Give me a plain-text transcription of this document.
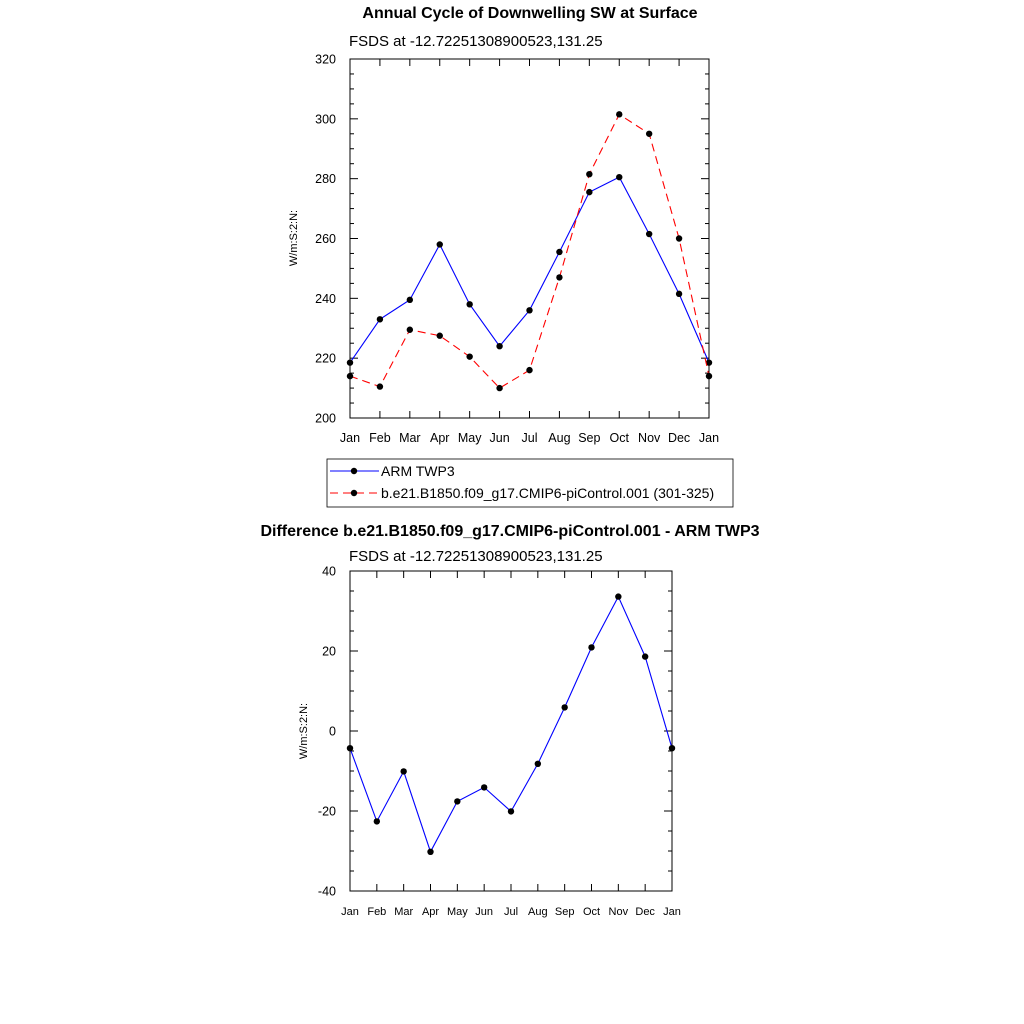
Annual Cycle of Downwelling SW at Surface
FSDS at -12.72251308900523,131.25
W/m:S:2:N:
200
220
240
260
280
300
320
Jan Feb Mar Apr May Jun Jul Aug Sep Oct Nov Dec Jan
ARM TWP3
b.e21.B1850.f09_g17.CMIP6-piControl.001 (301-325)
Difference b.e21.B1850.f09_g17.CMIP6-piControl.001 - ARM TWP3
FSDS at -12.72251308900523,131.25
W/m:S:2:N:
-40
-20
0
20
40
Jan Feb Mar Apr May Jun Jul Aug Sep Oct Nov Dec Jan
